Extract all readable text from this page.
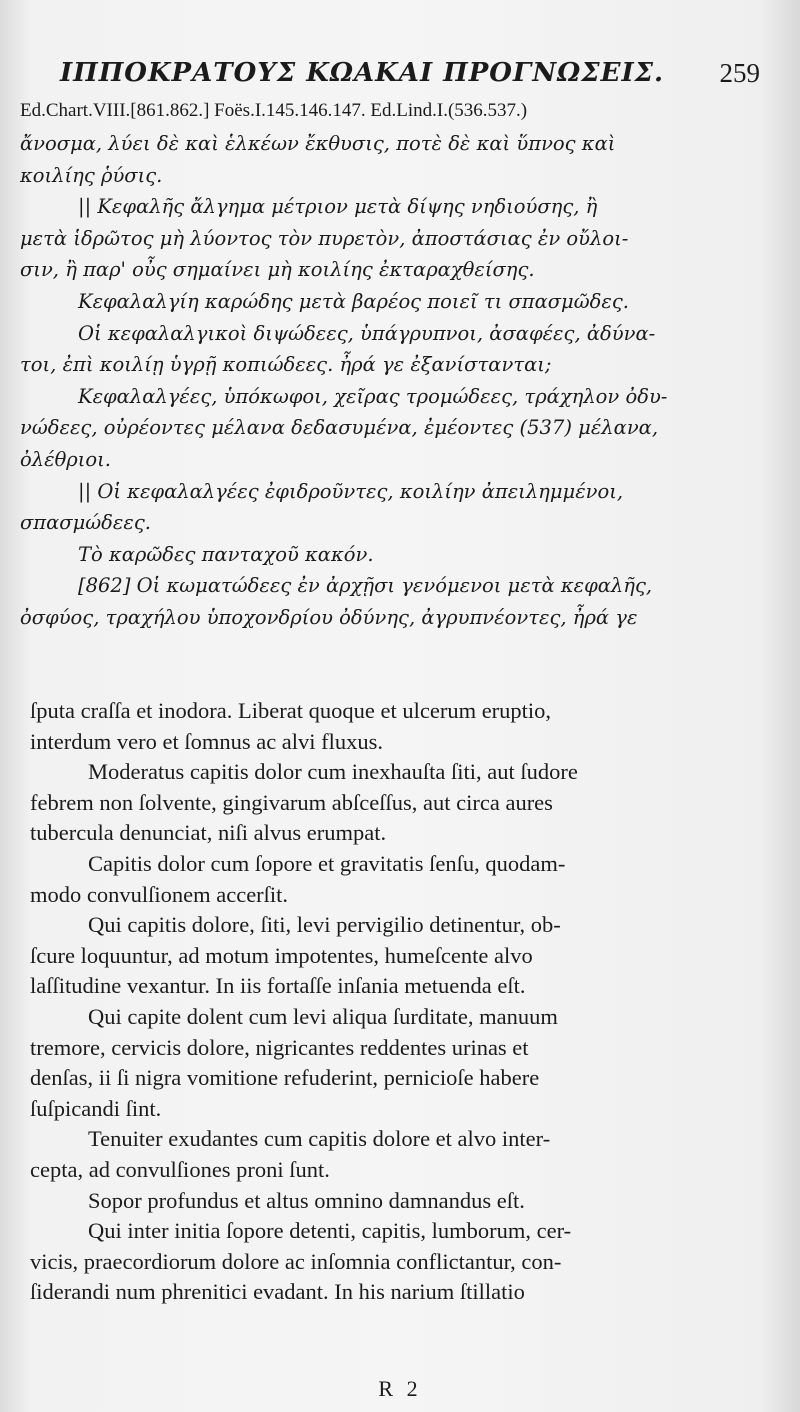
ΙΠΠΟΚΡΑΤΟΥΣ ΚΩΑΚΑΙ ΠΡΟΓΝΩΣΕΙΣ. 259
Ed.Chart.VIII.[861.862.] Foës.I.145.146.147. Ed.Lind.I.(536.537.)

ἄνοσμα, λύει δὲ καὶ ἑλκέων ἔκθυσις, ποτὲ δὲ καὶ ὕπνος καὶ

κοιλίης ῥύσις.

|| Κεφαλῆς ἄλγημα μέτριον μετὰ δίψης νηδιούσης, ἢ

μετὰ ἱδρῶτος μὴ λύοντος τὸν πυρετὸν, ἀποστάσιας ἐν οὔλοι-

σιν, ἢ παρ' οὖς σημαίνει μὴ κοιλίης ἐκταραχθείσης.

Κεφαλαλγίη καρώδης μετὰ βαρέος ποιεῖ τι σπασμῶδες.

Οἱ κεφαλαλγικοὶ διψώδεες, ὑπάγρυπνοι, ἀσαφέες, ἀδύνα-

τοι, ἐπὶ κοιλίῃ ὑγρῇ κοπιώδεες. ἦρά γε ἐξανίστανται;

Κεφαλαλγέες, ὑπόκωφοι, χεῖρας τρομώδεες, τράχηλον ὀδυ-

νώδεες, οὐρέοντες μέλανα δεδασυμένα, ἐμέοντες (537) μέλανα,

ὀλέθριοι.

|| Οἱ κεφαλαλγέες ἐφιδροῦντες, κοιλίην ἀπειλημμένοι,

σπασμώδεες.

Τὸ καρῶδες πανταχοῦ κακόν.

[862] Οἱ κωματώδεες ἐν ἀρχῇσι γενόμενοι μετὰ κεφαλῆς,

ὀσφύος, τραχήλου ὑποχονδρίου ὀδύνης, ἀγρυπνέοντες, ἦρά γε

ſputa craſſa et inodora. Liberat quoque et ulcerum eruptio,

interdum vero et ſomnus ac alvi fluxus.

Moderatus capitis dolor cum inexhauſta ſiti, aut ſudore

febrem non ſolvente, gingivarum abſceſſus, aut circa aures

tubercula denunciat, niſi alvus erumpat.

Capitis dolor cum ſopore et gravitatis ſenſu, quodam-

modo convulſionem accerſit.

Qui capitis dolore, ſiti, levi pervigilio detinentur, ob-

ſcure loquuntur, ad motum impotentes, humeſcente alvo

laſſitudine vexantur. In iis fortaſſe inſania metuenda eſt.

Qui capite dolent cum levi aliqua ſurditate, manuum

tremore, cervicis dolore, nigricantes reddentes urinas et

denſas, ii ſi nigra vomitione refuderint, pernicioſe habere

ſuſpicandi ſint.

Tenuiter exudantes cum capitis dolore et alvo inter-

cepta, ad convulſiones proni ſunt.

Sopor profundus et altus omnino damnandus eſt.

Qui inter initia ſopore detenti, capitis, lumborum, cer-

vicis, praecordiorum dolore ac inſomnia conflictantur, con-

ſiderandi num phrenitici evadant. In his narium ſtillatio

R 2
